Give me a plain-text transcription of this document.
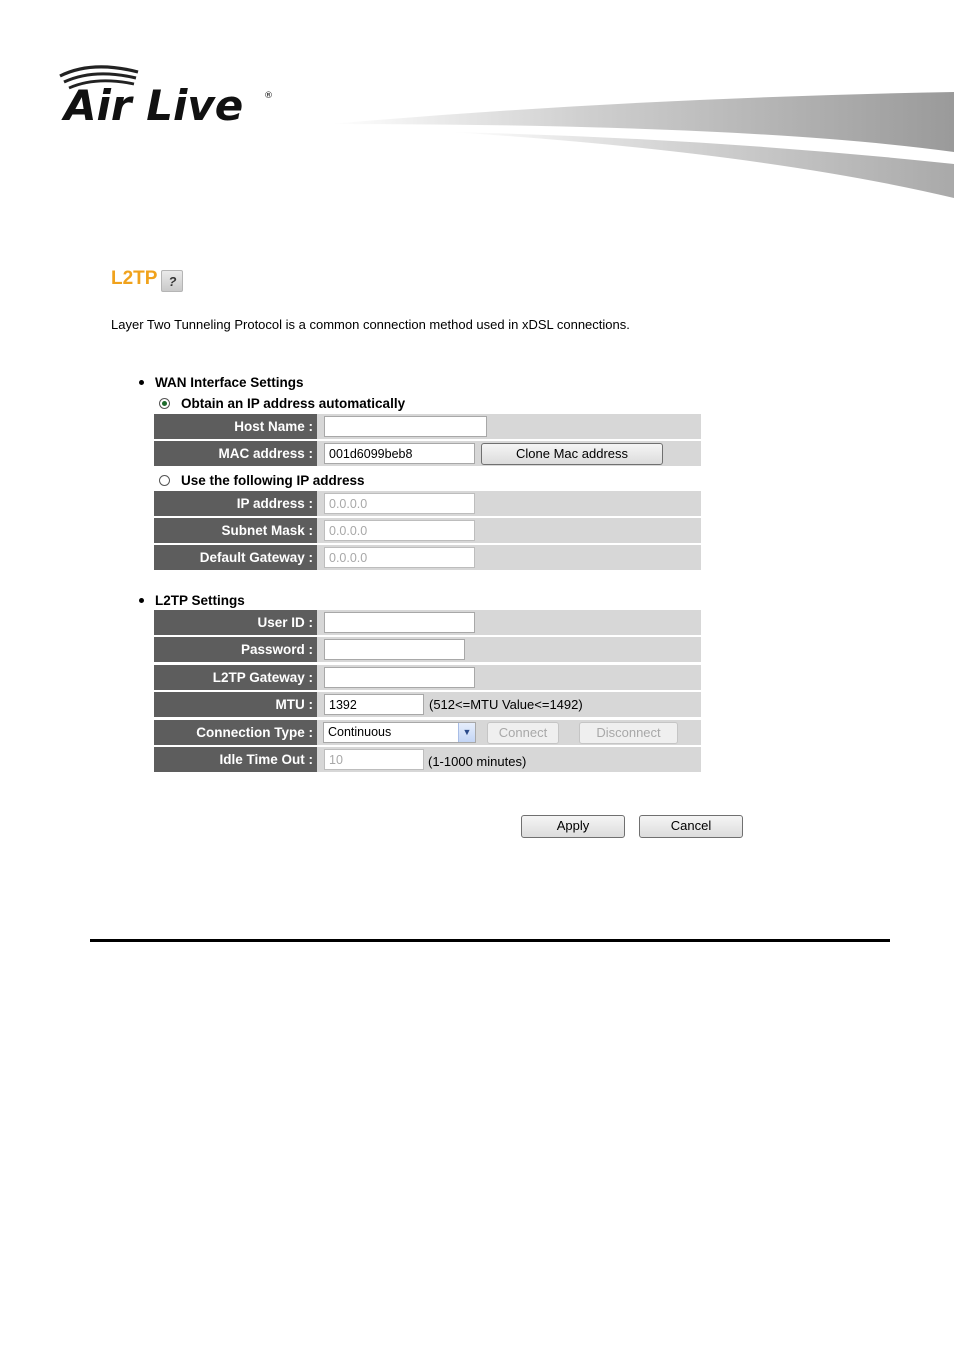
Air Live ®
L2TP ?
Layer Two Tunneling Protocol is a common connection method used in xDSL connections.
WAN Interface Settings
Obtain an IP address automatically
Host Name :
MAC address :
001d6099beb8	Clone Mac address
Use the following IP address
IP address :
0.0.0.0
Subnet Mask :
0.0.0.0
Default Gateway :
0.0.0.0
L2TP Settings
User ID :
Password :
L2TP Gateway :
MTU :
1392	(512<=MTU Value<=1492)
Connection Type :	Continuous	▼	Connect	Disconnect
Idle Time Out :
10	(1-1000 minutes)
Apply	Cancel
